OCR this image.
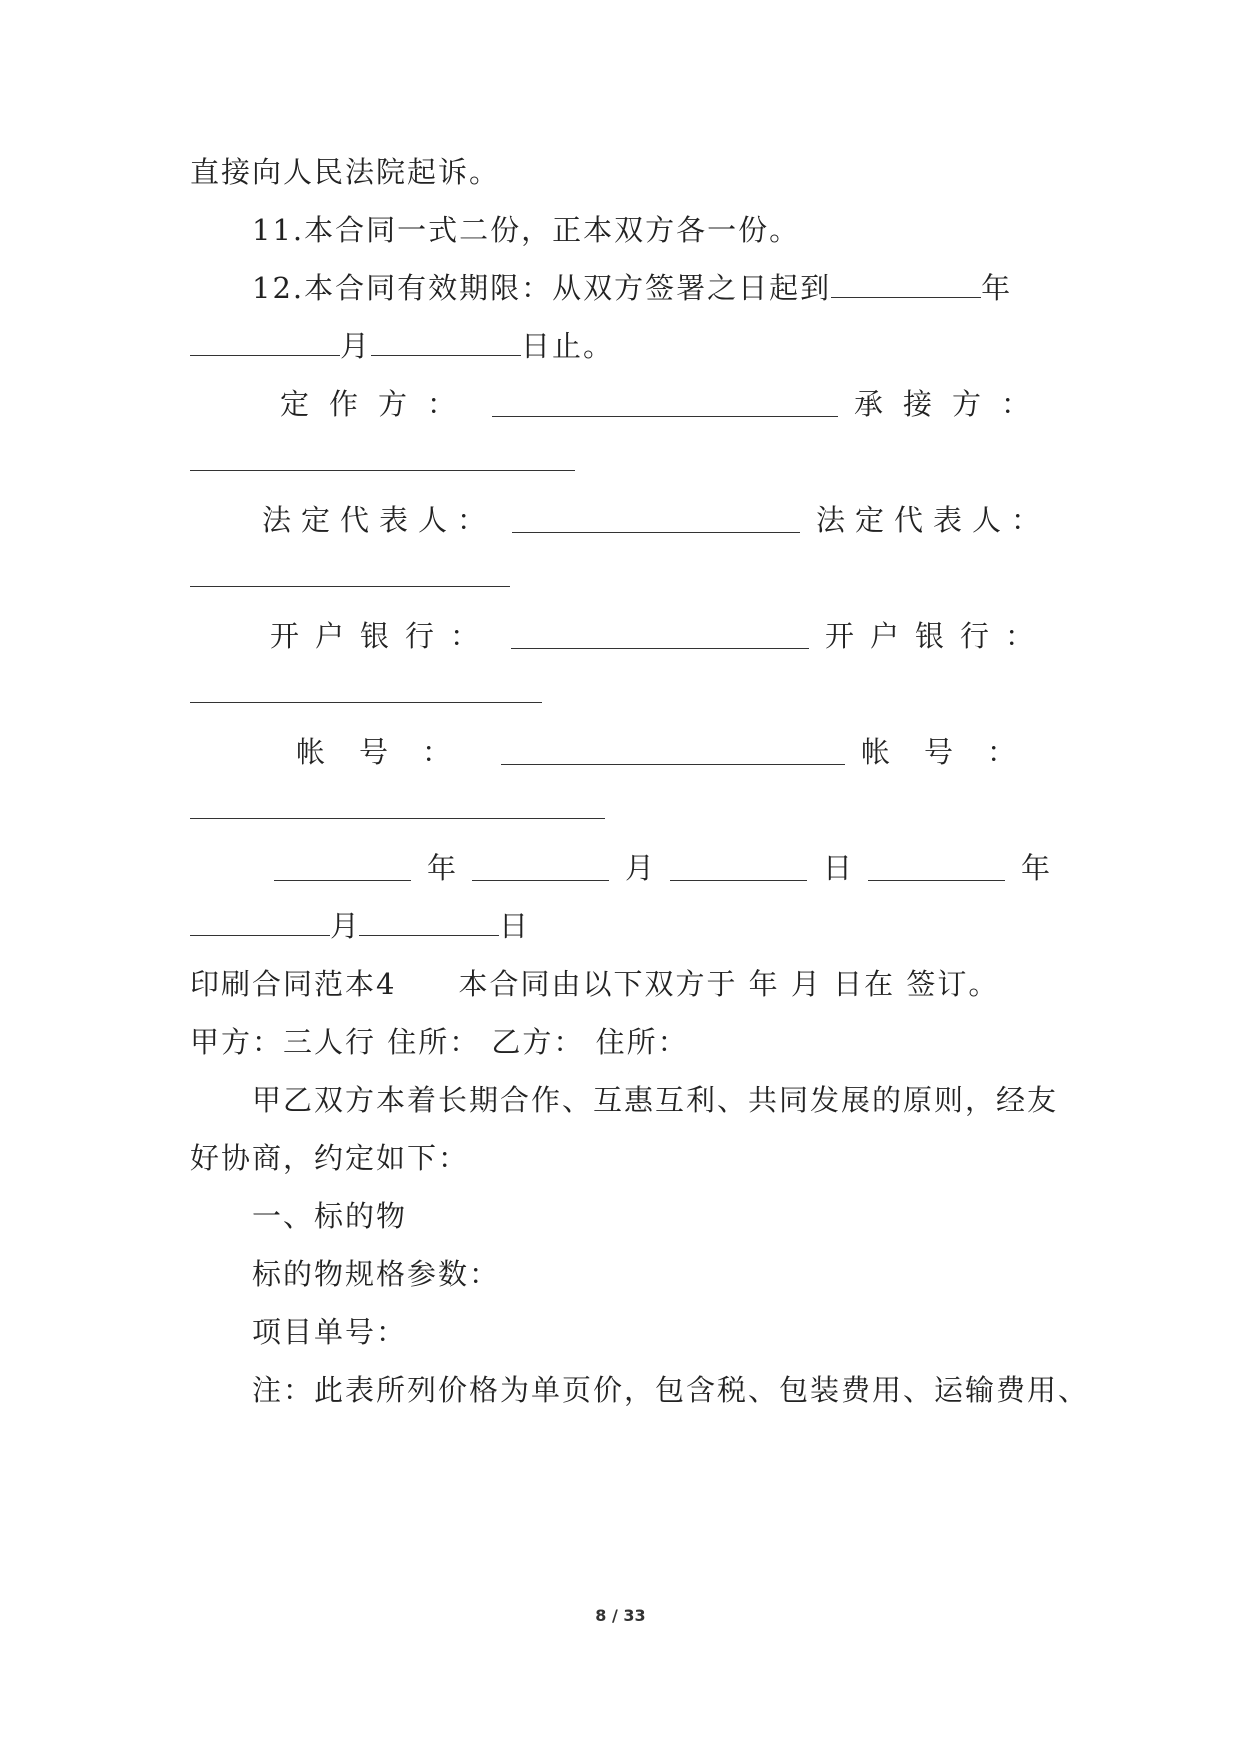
直接向人民法院起诉。
11.本合同一式二份，正本双方各一份。
12.本合同有效期限：从双方签署之日起到	年
月	日止。
定作方：	承接方：
法定代表人：	法定代表人：
开户银行：	开户银行：
帐号：	帐号：
年	月	日	年
月	日
印刷合同范本4　　本合同由以下双方于 年 月 日在 签订。
甲方：三人行 住所： 乙方： 住所：
甲乙双方本着长期合作、互惠互利、共同发展的原则，经友
好协商，约定如下：
一、标的物
标的物规格参数：
项目单号：
注：此表所列价格为单页价，包含税、包装费用、运输费用、
8 / 33
